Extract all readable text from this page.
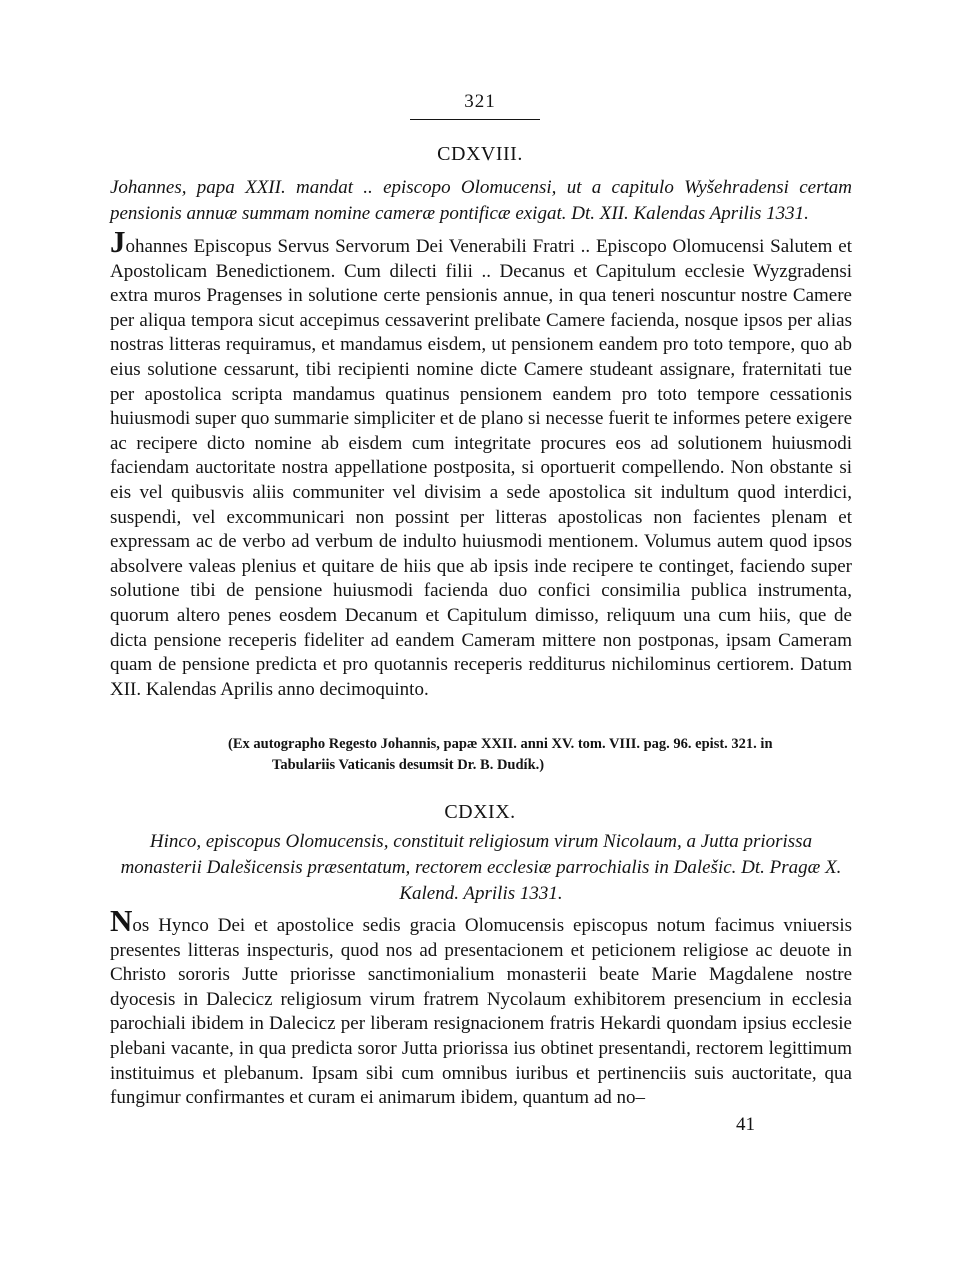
321
CDXVIII.
Johannes, papa XXII. mandat .. episcopo Olomucensi, ut a capitulo Wyšehradensi certam pensionis annuæ summam nomine cameræ pontificæ exigat. Dt. XII. Kalendas Aprilis 1331.
Johannes Episcopus Servus Servorum Dei Venerabili Fratri .. Episcopo Olomucensi Salutem et Apostolicam Benedictionem. Cum dilecti filii .. Decanus et Capitulum ecclesie Wyzgradensi extra muros Pragenses in solutione certe pensionis annue, in qua teneri noscuntur nostre Camere per aliqua tempora sicut accepimus cessaverint prelibate Camere facienda, nosque ipsos per alias nostras litteras requiramus, et mandamus eisdem, ut pensionem eandem pro toto tempore, quo ab eius solutione cessarunt, tibi recipienti nomine dicte Camere studeant assignare, fraternitati tue per apostolica scripta mandamus quatinus pensionem eandem pro toto tempore cessationis huiusmodi super quo summarie simpliciter et de plano si necesse fuerit te informes petere exigere ac recipere dicto nomine ab eisdem cum integritate procures eos ad solutionem huiusmodi faciendam auctoritate nostra appellatione postposita, si oportuerit compellendo. Non obstante si eis vel quibusvis aliis communiter vel divisim a sede apostolica sit indultum quod interdici, suspendi, vel excommunicari non possint per litteras apostolicas non facientes plenam et expressam ac de verbo ad verbum de indulto huiusmodi mentionem. Volumus autem quod ipsos absolvere valeas plenius et quitare de hiis que ab ipsis inde recipere te continget, faciendo super solutione tibi de pensione huiusmodi facienda duo confici consimilia publica instrumenta, quorum altero penes eosdem Decanum et Capitulum dimisso, reliquum una cum hiis, que de dicta pensione receperis fideliter ad eandem Cameram mittere non postponas, ipsam Cameram quam de pensione predicta et pro quotannis receperis redditurus nichilominus certiorem. Datum XII. Kalendas Aprilis anno decimoquinto.
(Ex autographo Regesto Johannis, papæ XXII. anni XV. tom. VIII. pag. 96. epist. 321. in
Tabulariis Vaticanis desumsit Dr. B. Dudík.)
CDXIX.
Hinco, episcopus Olomucensis, constituit religiosum virum Nicolaum, a Jutta priorissa monasterii Dalešicensis præsentatum, rectorem ecclesiæ parrochialis in Dalešic. Dt. Pragæ X. Kalend. Aprilis 1331.
Nos Hynco Dei et apostolice sedis gracia Olomucensis episcopus notum facimus vniuersis presentes litteras inspecturis, quod nos ad presentacionem et peticionem religiose ac deuote in Christo sororis Jutte priorisse sanctimonialium monasterii beate Marie Magdalene nostre dyocesis in Dalecicz religiosum virum fratrem Nycolaum exhibitorem presencium in ecclesia parochiali ibidem in Dalecicz per liberam resignacionem fratris Hekardi quondam ipsius ecclesie plebani vacante, in qua predicta soror Jutta priorissa ius obtinet presentandi, rectorem legittimum instituimus et plebanum. Ipsam sibi cum omnibus iuribus et pertinenciis suis auctoritate, qua fungimur confirmantes et curam ei animarum ibidem, quantum ad no–
41
